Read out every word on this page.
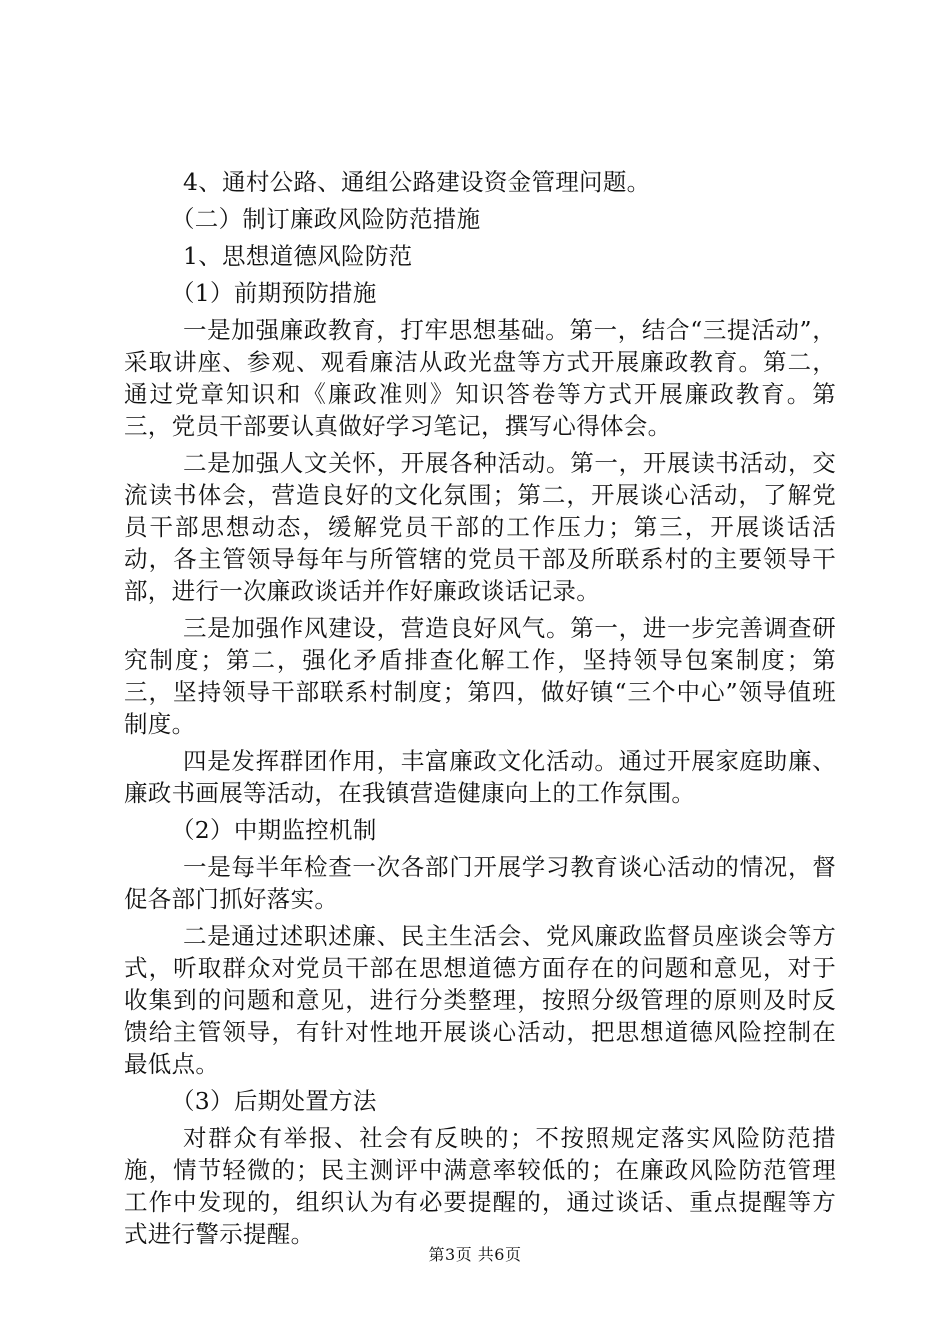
4、通村公路、通组公路建设资金管理问题。

（二）制订廉政风险防范措施

1、思想道德风险防范

（1）前期预防措施

一是加强廉政教育，打牢思想基础。第一，结合“三提活动”，采取讲座、参观、观看廉洁从政光盘等方式开展廉政教育。第二，通过党章知识和《廉政准则》知识答卷等方式开展廉政教育。第三，党员干部要认真做好学习笔记，撰写心得体会。

二是加强人文关怀，开展各种活动。第一，开展读书活动，交流读书体会，营造良好的文化氛围；第二，开展谈心活动，了解党员干部思想动态，缓解党员干部的工作压力；第三，开展谈话活动，各主管领导每年与所管辖的党员干部及所联系村的主要领导干部，进行一次廉政谈话并作好廉政谈话记录。

三是加强作风建设，营造良好风气。第一，进一步完善调查研究制度；第二，强化矛盾排查化解工作，坚持领导包案制度；第三，坚持领导干部联系村制度；第四，做好镇“三个中心”领导值班制度。

四是发挥群团作用，丰富廉政文化活动。通过开展家庭助廉、廉政书画展等活动，在我镇营造健康向上的工作氛围。

（2）中期监控机制

一是每半年检查一次各部门开展学习教育谈心活动的情况，督促各部门抓好落实。

二是通过述职述廉、民主生活会、党风廉政监督员座谈会等方式，听取群众对党员干部在思想道德方面存在的问题和意见，对于收集到的问题和意见，进行分类整理，按照分级管理的原则及时反馈给主管领导，有针对性地开展谈心活动，把思想道德风险控制在最低点。

（3）后期处置方法

对群众有举报、社会有反映的；不按照规定落实风险防范措施，情节轻微的；民主测评中满意率较低的；在廉政风险防范管理工作中发现的，组织认为有必要提醒的，通过谈话、重点提醒等方式进行警示提醒。

第3页 共6页
